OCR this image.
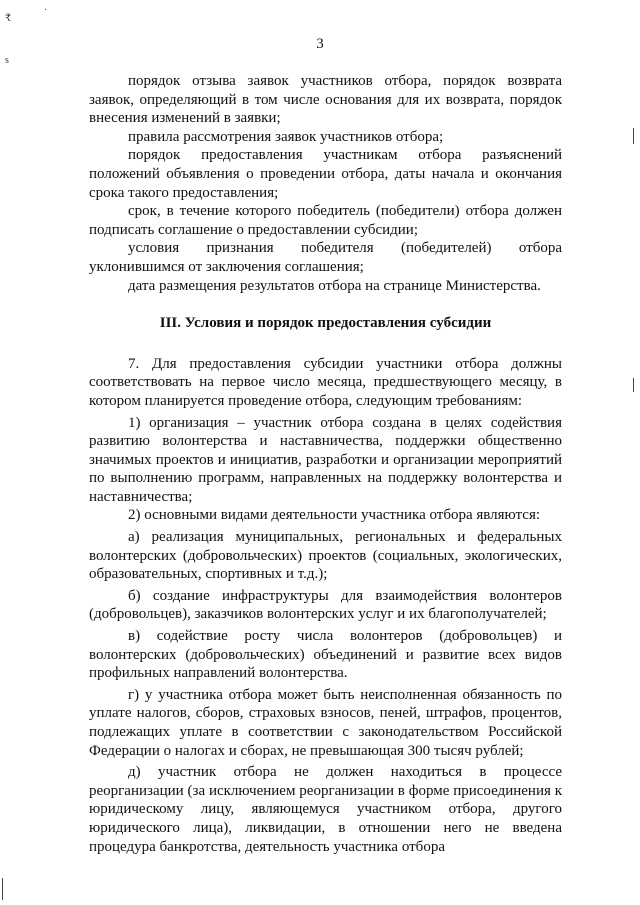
·
₹
ѕ
3

порядок отзыва заявок участников отбора, порядок возврата заявок, определяющий в том числе основания для их возврата, порядок внесения изменений в заявки;

правила рассмотрения заявок участников отбора;

порядок предоставления участникам отбора разъяснений положений объявления о проведении отбора, даты начала и окончания срока такого предоставления;

срок, в течение которого победитель (победители) отбора должен подписать соглашение о предоставлении субсидии;

условия признания победителя (победителей) отбора уклонившимся от заключения соглашения;

дата размещения результатов отбора на странице Министерства.

III. Условия и порядок предоставления субсидии

7. Для предоставления субсидии участники отбора должны соответствовать на первое число месяца, предшествующего месяцу, в котором планируется проведение отбора, следующим требованиям:

1) организация – участник отбора создана в целях содействия развитию волонтерства и наставничества, поддержки общественно значимых проектов и инициатив, разработки и организации мероприятий по выполнению программ, направленных на поддержку волонтерства и наставничества;

2) основными видами деятельности участника отбора являются:

а) реализация муниципальных, региональных и федеральных волонтерских (добровольческих) проектов (социальных, экологических, образовательных, спортивных и т.д.);

б) создание инфраструктуры для взаимодействия волонтеров (добровольцев), заказчиков волонтерских услуг и их благополучателей;

в) содействие росту числа волонтеров (добровольцев) и волонтерских (добровольческих) объединений и развитие всех видов профильных направлений волонтерства.

г) у участника отбора может быть неисполненная обязанность по уплате налогов, сборов, страховых взносов, пеней, штрафов, процентов, подлежащих уплате в соответствии с законодательством Российской Федерации о налогах и сборах, не превышающая 300 тысяч рублей;

д) участник отбора не должен находиться в процессе реорганизации (за исключением реорганизации в форме присоединения к юридическому лицу, являющемуся участником отбора, другого юридического лица), ликвидации, в отношении него не введена процедура банкротства, деятельность участника отбора
